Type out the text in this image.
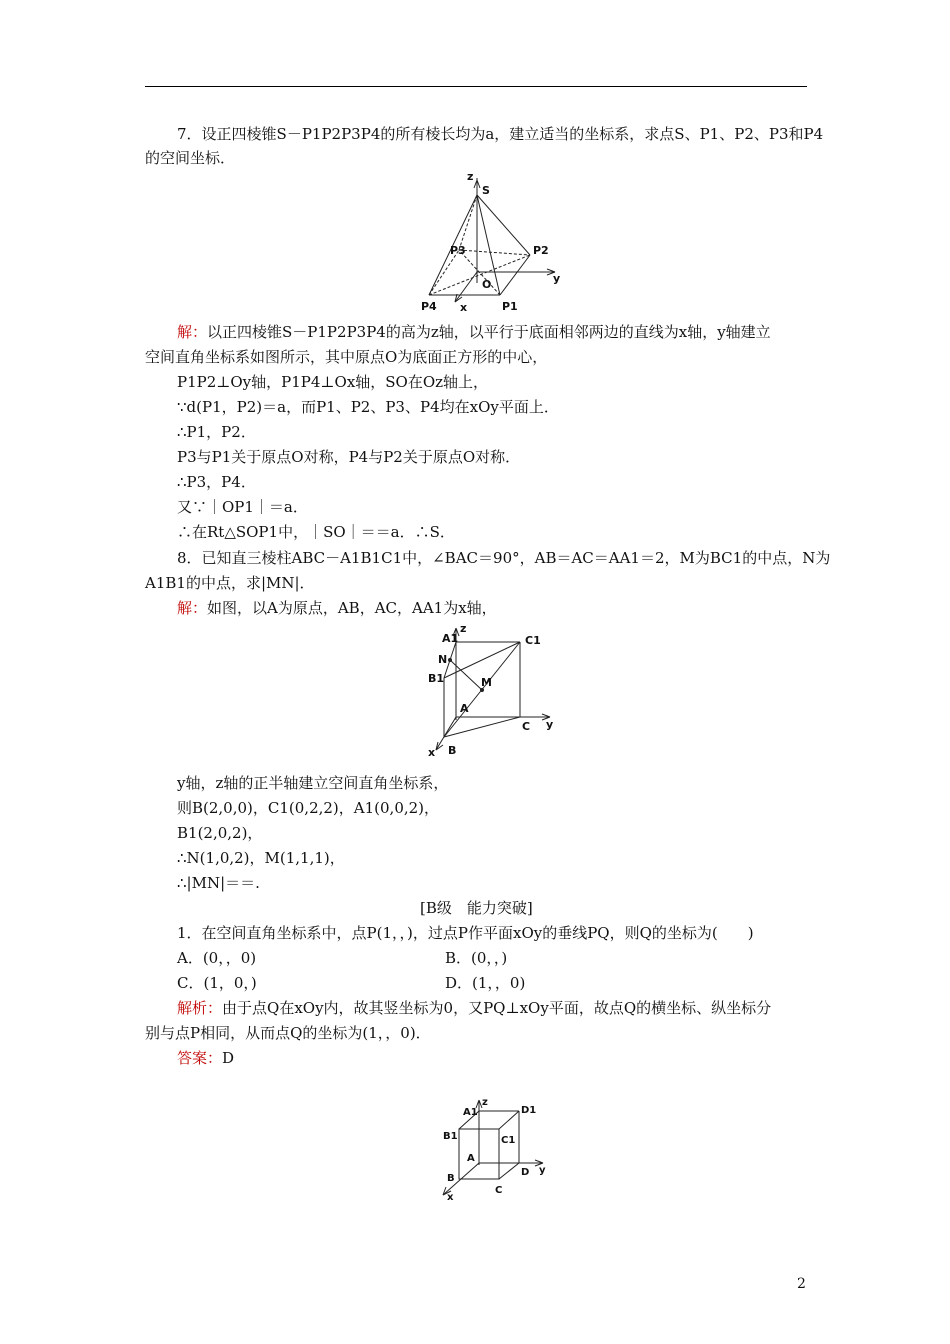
7．设正四棱锥S－P1P2P3P4的所有棱长均为a，建立适当的坐标系，求点S、P1、P2、P3和P4
的空间坐标．
z
S
P3	P2
y
O
P4 x	P1
解：以正四棱锥S－P1P2P3P4的高为z轴，以平行于底面相邻两边的直线为x轴，y轴建立
空间直角坐标系如图所示，其中原点O为底面正方形的中心，
P1P2⊥Oy轴，P1P4⊥Ox轴，SO在Oz轴上，
∵d(P1，P2)＝a，而P1、P2、P3、P4均在xOy平面上．
∴P1，P2．
P3与P1关于原点O对称，P4与P2关于原点O对称．
∴P3，P4．
又∵｜OP1｜＝a．
∴在Rt△SOP1中，｜SO｜＝＝a．∴S．
8．已知直三棱柱ABC－A1B1C1中，∠BAC＝90°，AB＝AC＝AA1＝2，M为BC1的中点，N为
A1B1的中点，求|MN|．
解：如图，以A为原点，AB，AC，AA1为x轴，
A1
z
C1
N
B1	M
A
C y
x B
y轴，z轴的正半轴建立空间直角坐标系，
则B(2,0,0)，C1(0,2,2)，A1(0,0,2)，
B1(2,0,2)，
∴N(1,0,2)，M(1,1,1)，
∴|MN|＝＝.
[B级　能力突破]
1．在空间直角坐标系中，点P(1，，)，过点P作平面xOy的垂线PQ，则Q的坐标为(　　)
A．(0，，0)	B．(0，，)
C．(1，0，)	D．(1，，0)
解析：由于点Q在xOy内，故其竖坐标为0，又PQ⊥xOy平面，故点Q的横坐标、纵坐标分
别与点P相同，从而点Q的坐标为(1，，0)．
答案：D
A1
z
D1
B1	C1
A
D y
B
x
C
2
